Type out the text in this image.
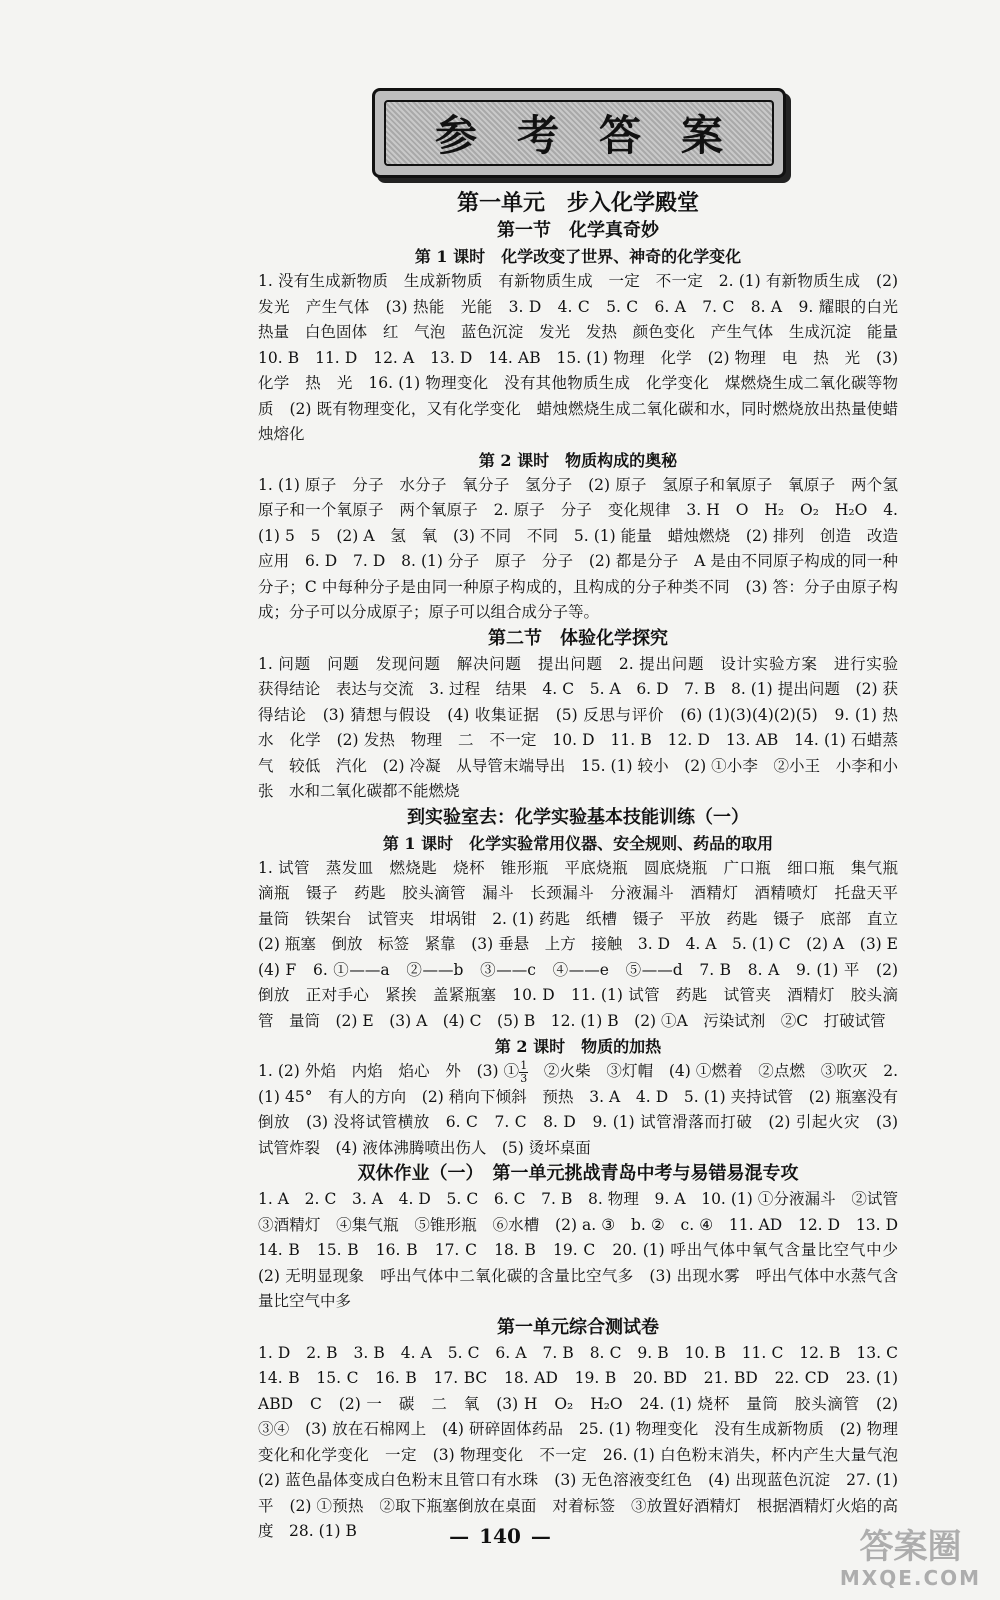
参考答案
第一单元　步入化学殿堂
第一节　化学真奇妙
第 1 课时　化学改变了世界、神奇的化学变化

1. 没有生成新物质　生成新物质　有新物质生成　一定　不一定　2. (1) 有新物质生成　(2) 发光　产生气体　(3) 热能　光能　3. D　4. C　5. C　6. A　7. C　8. A　9. 耀眼的白光　热量　白色固体　红　气泡　蓝色沉淀　发光　发热　颜色变化　产生气体　生成沉淀　能量　10. B　11. D　12. A　13. D　14. AB　15. (1) 物理　化学　(2) 物理　电　热　光　(3) 化学　热　光　16. (1) 物理变化　没有其他物质生成　化学变化　煤燃烧生成二氧化碳等物质　(2) 既有物理变化，又有化学变化　蜡烛燃烧生成二氧化碳和水，同时燃烧放出热量使蜡烛熔化

第 2 课时　物质构成的奥秘

1. (1) 原子　分子　水分子　氧分子　氢分子　(2) 原子　氢原子和氧原子　氧原子　两个氢原子和一个氧原子　两个氧原子　2. 原子　分子　变化规律　3. H　O　H₂　O₂　H₂O　4. (1) 5　5　(2) A　氢　氧　(3) 不同　不同　5. (1) 能量　蜡烛燃烧　(2) 排列　创造　改造　应用　6. D　7. D　8. (1) 分子　原子　分子　(2) 都是分子　A 是由不同原子构成的同一种分子；C 中每种分子是由同一种原子构成的，且构成的分子种类不同　(3) 答：分子由原子构成；分子可以分成原子；原子可以组合成分子等。

第二节　体验化学探究

1. 问题　问题　发现问题　解决问题　提出问题　2. 提出问题　设计实验方案　进行实验　获得结论　表达与交流　3. 过程　结果　4. C　5. A　6. D　7. B　8. (1) 提出问题　(2) 获得结论　(3) 猜想与假设　(4) 收集证据　(5) 反思与评价　(6) (1)(3)(4)(2)(5)　9. (1) 热　水　化学　(2) 发热　物理　二　不一定　10. D　11. B　12. D　13. AB　14. (1) 石蜡蒸气　较低　汽化　(2) 冷凝　从导管末端导出　15. (1) 较小　(2) ①小李　②小王　小李和小张　水和二氧化碳都不能燃烧

到实验室去：化学实验基本技能训练（一）
第 1 课时　化学实验常用仪器、安全规则、药品的取用

1. 试管　蒸发皿　燃烧匙　烧杯　锥形瓶　平底烧瓶　圆底烧瓶　广口瓶　细口瓶　集气瓶　滴瓶　镊子　药匙　胶头滴管　漏斗　长颈漏斗　分液漏斗　酒精灯　酒精喷灯　托盘天平　量筒　铁架台　试管夹　坩埚钳　2. (1) 药匙　纸槽　镊子　平放　药匙　镊子　底部　直立　(2) 瓶塞　倒放　标签　紧靠　(3) 垂悬　上方　接触　3. D　4. A　5. (1) C　(2) A　(3) E　(4) F　6. ①——a　②——b　③——c　④——e　⑤——d　7. B　8. A　9. (1) 平　(2) 倒放　正对手心　紧挨　盖紧瓶塞　10. D　11. (1) 试管　药匙　试管夹　酒精灯　胶头滴管　量筒　(2) E　(3) A　(4) C　(5) B　12. (1) B　(2) ①A　污染试剂　②C　打破试管

第 2 课时　物质的加热

1. (2) 外焰　内焰　焰心　外　(3) ① $\frac{1}{3}$ 　②火柴　③灯帽　(4) ①燃着　②点燃　③吹灭　2. (1) 45°　有人的方向　(2) 稍向下倾斜　预热　3. A　4. D　5. (1) 夹持试管　(2) 瓶塞没有倒放　(3) 没将试管横放　6. C　7. C　8. D　9. (1) 试管滑落而打破　(2) 引起火灾　(3) 试管炸裂　(4) 液体沸腾喷出伤人　(5) 烫坏桌面

双休作业（一）　第一单元挑战青岛中考与易错易混专攻

1. A　2. C　3. A　4. D　5. C　6. C　7. B　8. 物理　9. A　10. (1) ①分液漏斗　②试管　③酒精灯　④集气瓶　⑤锥形瓶　⑥水槽　(2) a. ③　b. ②　c. ④　11. AD　12. D　13. D　14. B　15. B　16. B　17. C　18. B　19. C　20. (1) 呼出气体中氧气含量比空气中少　(2) 无明显现象　呼出气体中二氧化碳的含量比空气多　(3) 出现水雾　呼出气体中水蒸气含量比空气中多

第一单元综合测试卷

1. D　2. B　3. B　4. A　5. C　6. A　7. B　8. C　9. B　10. B　11. C　12. B　13. C　14. B　15. C　16. B　17. BC　18. AD　19. B　20. BD　21. BD　22. CD　23. (1) ABD　C　(2) 一　碳　二　氧　(3) H　O₂　H₂O　24. (1) 烧杯　量筒　胶头滴管　(2) ③④　(3) 放在石棉网上　(4) 研碎固体药品　25. (1) 物理变化　没有生成新物质　(2) 物理变化和化学变化　一定　(3) 物理变化　不一定　26. (1) 白色粉末消失，杯内产生大量气泡　(2) 蓝色晶体变成白色粉末且管口有水珠　(3) 无色溶液变红色　(4) 出现蓝色沉淀　27. (1) 平　(2) ①预热　②取下瓶塞倒放在桌面　对着标签　③放置好酒精灯　根据酒精灯火焰的高度　28. (1) B

—	140 —	答案圈
MXQE.COM
